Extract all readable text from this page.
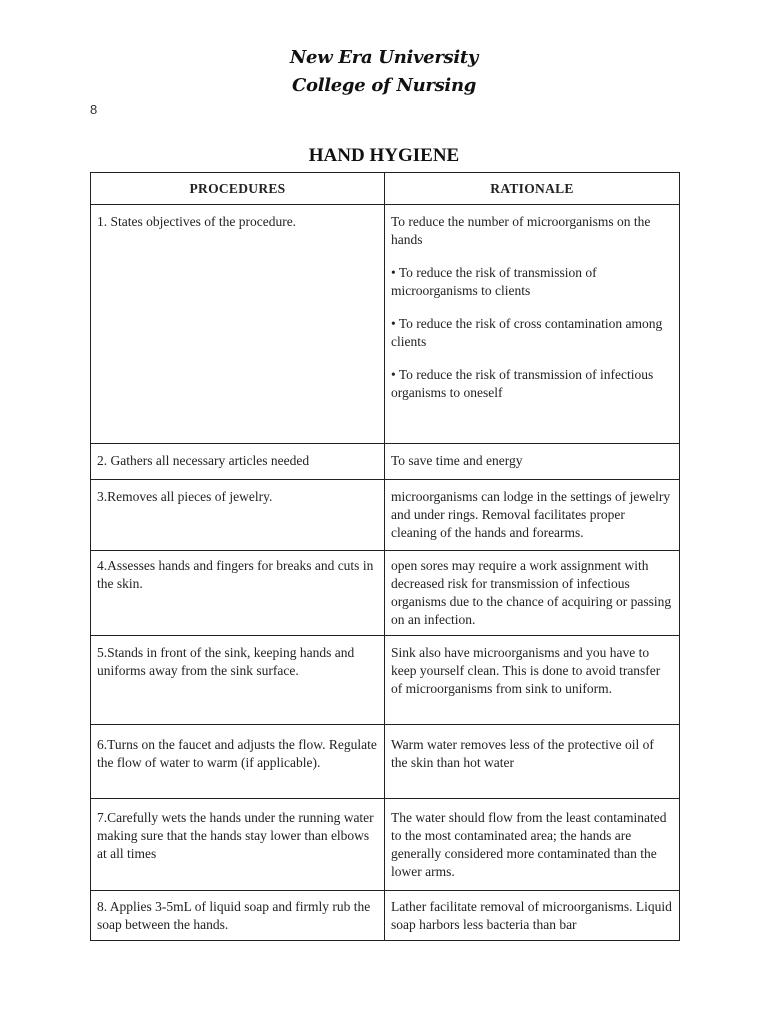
New Era University
College of Nursing
8
HAND HYGIENE
PROCEDURES	RATIONALE
1. States objectives of the procedure.	To reduce the number of microorganisms on the hands

• To reduce the risk of transmission of microorganisms to clients

• To reduce the risk of cross contamination among clients

• To reduce the risk of transmission of infectious organisms to oneself

2. Gathers all necessary articles needed	To save time and energy
3.Removes all pieces of jewelry.	microorganisms can lodge in the settings of jewelry and under rings. Removal facilitates proper cleaning of the hands and forearms.
4.Assesses hands and fingers for breaks and cuts in the skin.	open sores may require a work assignment with decreased risk for transmission of infectious organisms due to the chance of acquiring or passing on an infection.
5.Stands in front of the sink, keeping hands and uniforms away from the sink surface.	Sink also have microorganisms and you have to keep yourself clean. This is done to avoid transfer of microorganisms from sink to uniform.
6.Turns on the faucet and adjusts the flow. Regulate the flow of water to warm (if applicable).	Warm water removes less of the protective oil of the skin than hot water
7.Carefully wets the hands under the running water making sure that the hands stay lower than elbows at all times	The water should flow from the least contaminated to the most contaminated area; the hands are generally considered more contaminated than the lower arms.
8. Applies 3-5mL of liquid soap and firmly rub the soap between the hands.	Lather facilitate removal of microorganisms. Liquid soap harbors less bacteria than bar
